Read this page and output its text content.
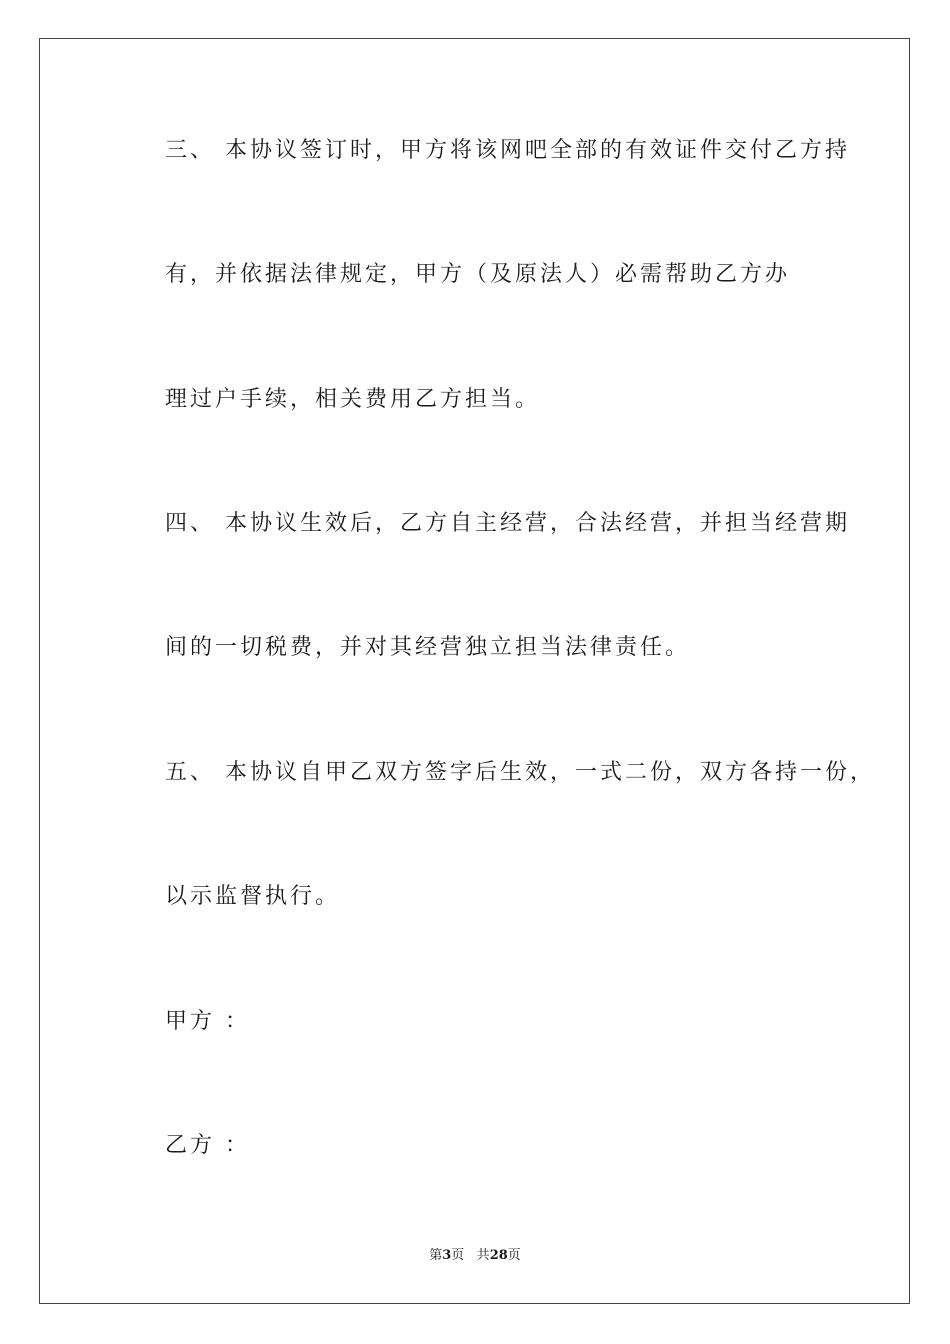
三、 本协议签订时，甲方将该网吧全部的有效证件交付乙方持
有，并依据法律规定，甲方（及原法人）必需帮助乙方办
理过户手续，相关费用乙方担当。
四、 本协议生效后，乙方自主经营，合法经营，并担当经营期
间的一切税费，并对其经营独立担当法律责任。
五、 本协议自甲乙双方签字后生效，一式二份，双方各持一份，
以示监督执行。
甲方 ：
乙方 ：
第3页 共28页
